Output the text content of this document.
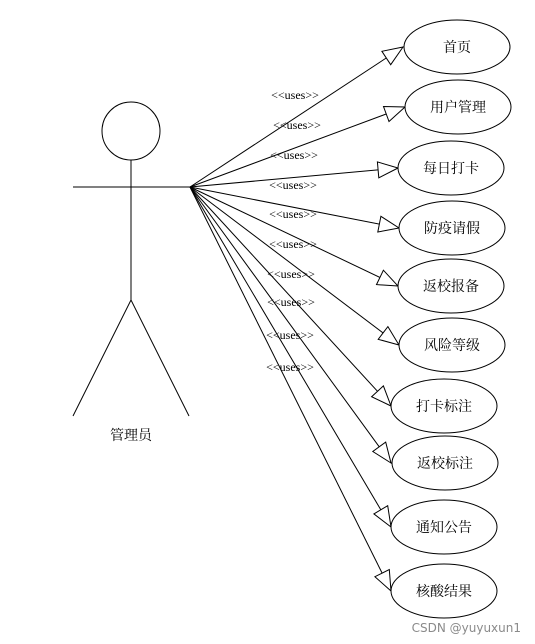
管理员
<<uses>>
<<uses>>
<<uses>>
<<uses>>
<<uses>>
<<uses>>
<<uses>>
<<uses>>
<<uses>>
<<uses>>
首页
用户管理
每日打卡
防疫请假
返校报备
风险等级
打卡标注
返校标注
通知公告
核酸结果
CSDN @yuyuxun1
